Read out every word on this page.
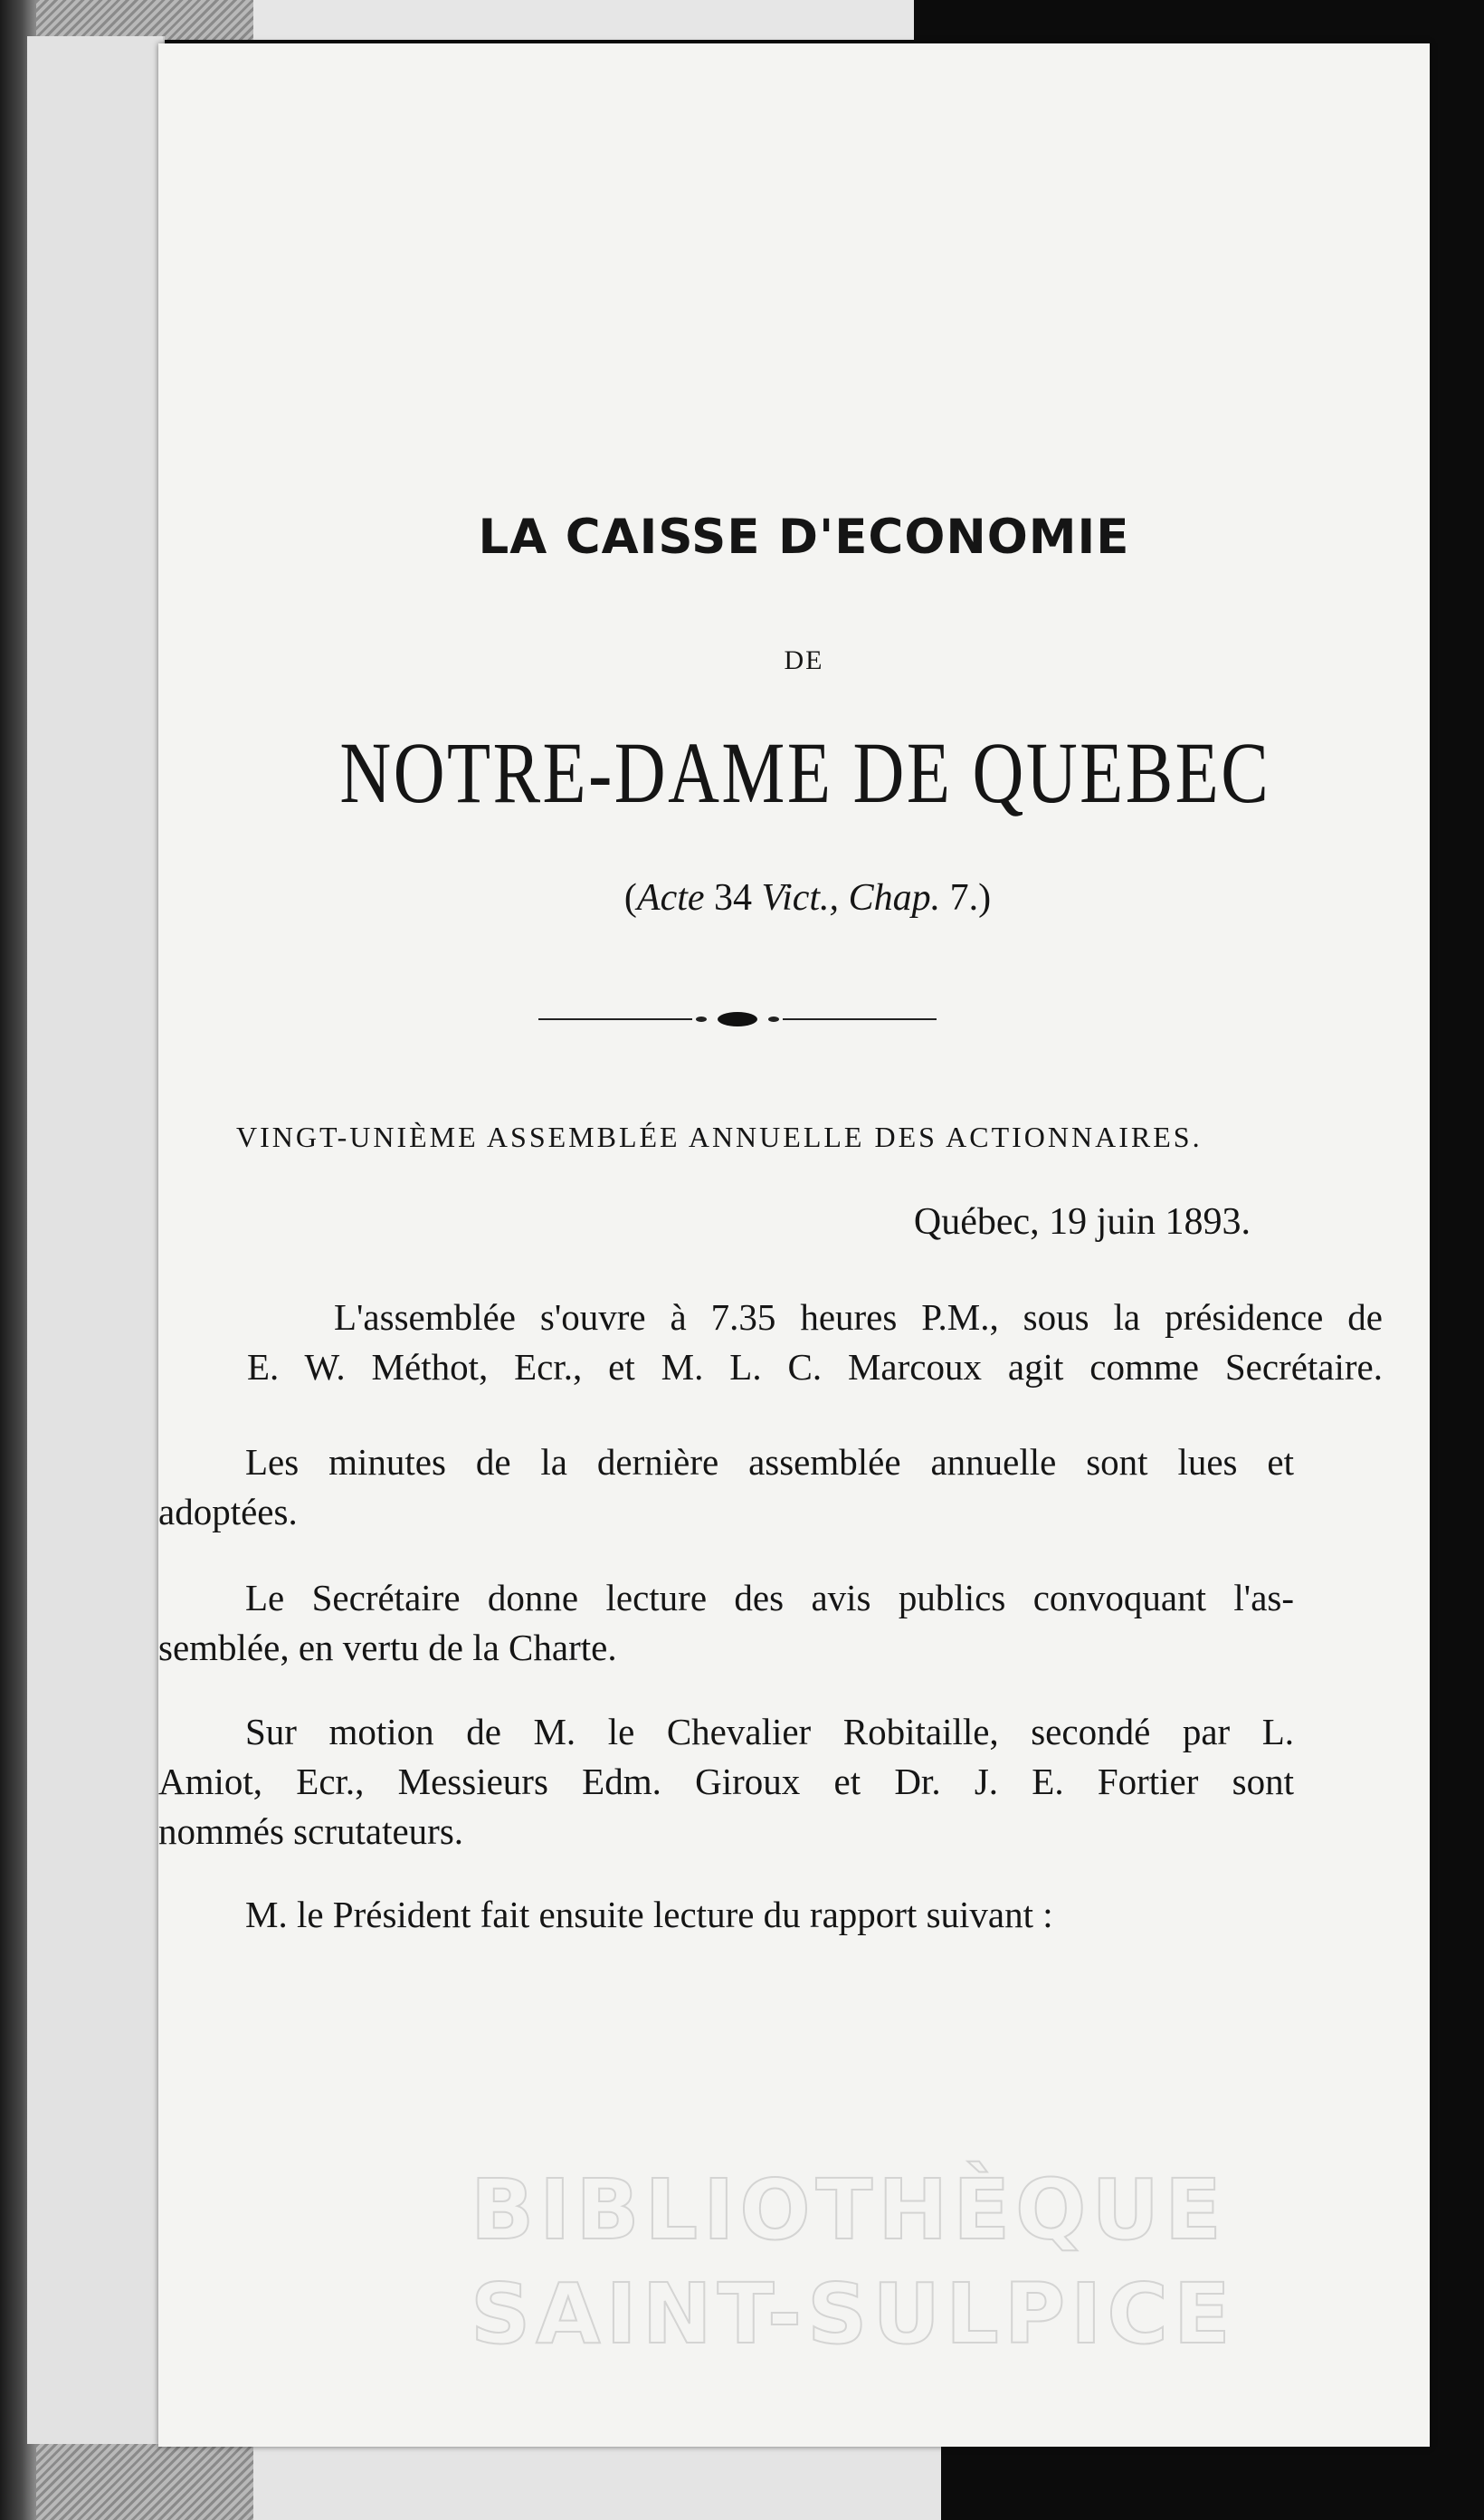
LA CAISSE D'ECONOMIE
DE
NOTRE-DAME DE QUEBEC
(Acte 34 Vict., Chap. 7.)
VINGT-UNIÈME ASSEMBLÉE ANNUELLE DES ACTIONNAIRES.
Québec, 19 juin 1893.
L'assemblée s'ouvre à 7.35 heures P.M., sous la présidence de
E. W. Méthot, Ecr., et M. L. C. Marcoux agit comme Secrétaire.
Les minutes de la dernière assemblée annuelle sont lues et
adoptées.
Le Secrétaire donne lecture des avis publics convoquant l'as-
semblée, en vertu de la Charte.
Sur motion de M. le Chevalier Robitaille, secondé par L.
Amiot, Ecr., Messieurs Edm. Giroux et Dr. J. E. Fortier sont
nommés scrutateurs.
M. le Président fait ensuite lecture du rapport suivant :
BIBLIOTHÈQUE
SAINT-SULPICE
